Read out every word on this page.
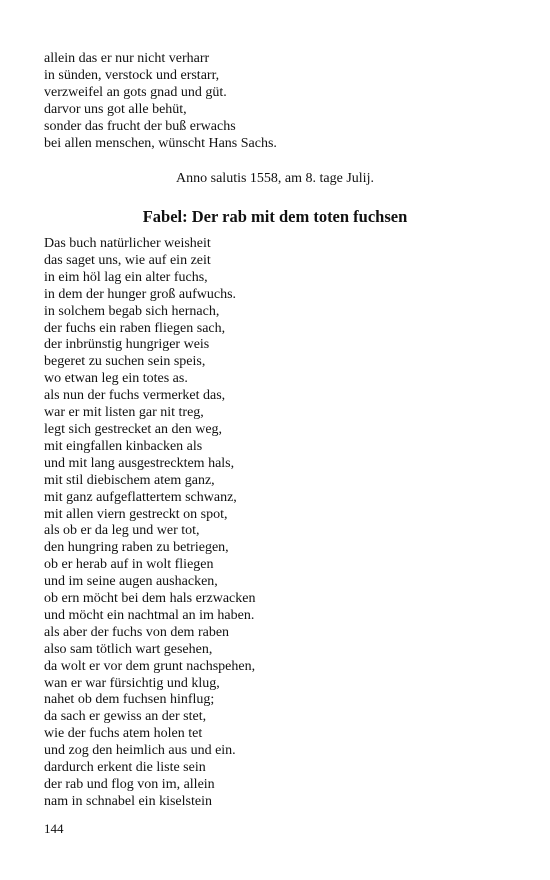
allein das er nur nicht verharr
in sünden, verstock und erstarr,
verzweifel an gots gnad und güt.
darvor uns got alle behüt,
sonder das frucht der buß erwachs
bei allen menschen, wünscht Hans Sachs.

Anno salutis 1558, am 8. tage Julij.

Fabel: Der rab mit dem toten fuchsen
Das buch natürlicher weisheit
das saget uns, wie auf ein zeit
in eim höl lag ein alter fuchs,
in dem der hunger groß aufwuchs.
in solchem begab sich hernach,
der fuchs ein raben fliegen sach,
der inbrünstig hungriger weis
begeret zu suchen sein speis,
wo etwan leg ein totes as.
als nun der fuchs vermerket das,
war er mit listen gar nit treg,
legt sich gestrecket an den weg,
mit eingfallen kinbacken als
und mit lang ausgestrecktem hals,
mit stil diebischem atem ganz,
mit ganz aufgeflattertem schwanz,
mit allen viern gestreckt on spot,
als ob er da leg und wer tot,
den hungring raben zu betriegen,
ob er herab auf in wolt fliegen
und im seine augen aushacken,
ob ern möcht bei dem hals erzwacken
und möcht ein nachtmal an im haben.
als aber der fuchs von dem raben
also sam tötlich wart gesehen,
da wolt er vor dem grunt nachspehen,
wan er war fürsichtig und klug,
nahet ob dem fuchsen hinflug;
da sach er gewiss an der stet,
wie der fuchs atem holen tet
und zog den heimlich aus und ein.
dardurch erkent die liste sein
der rab und flog von im, allein
nam in schnabel ein kiselstein

144
